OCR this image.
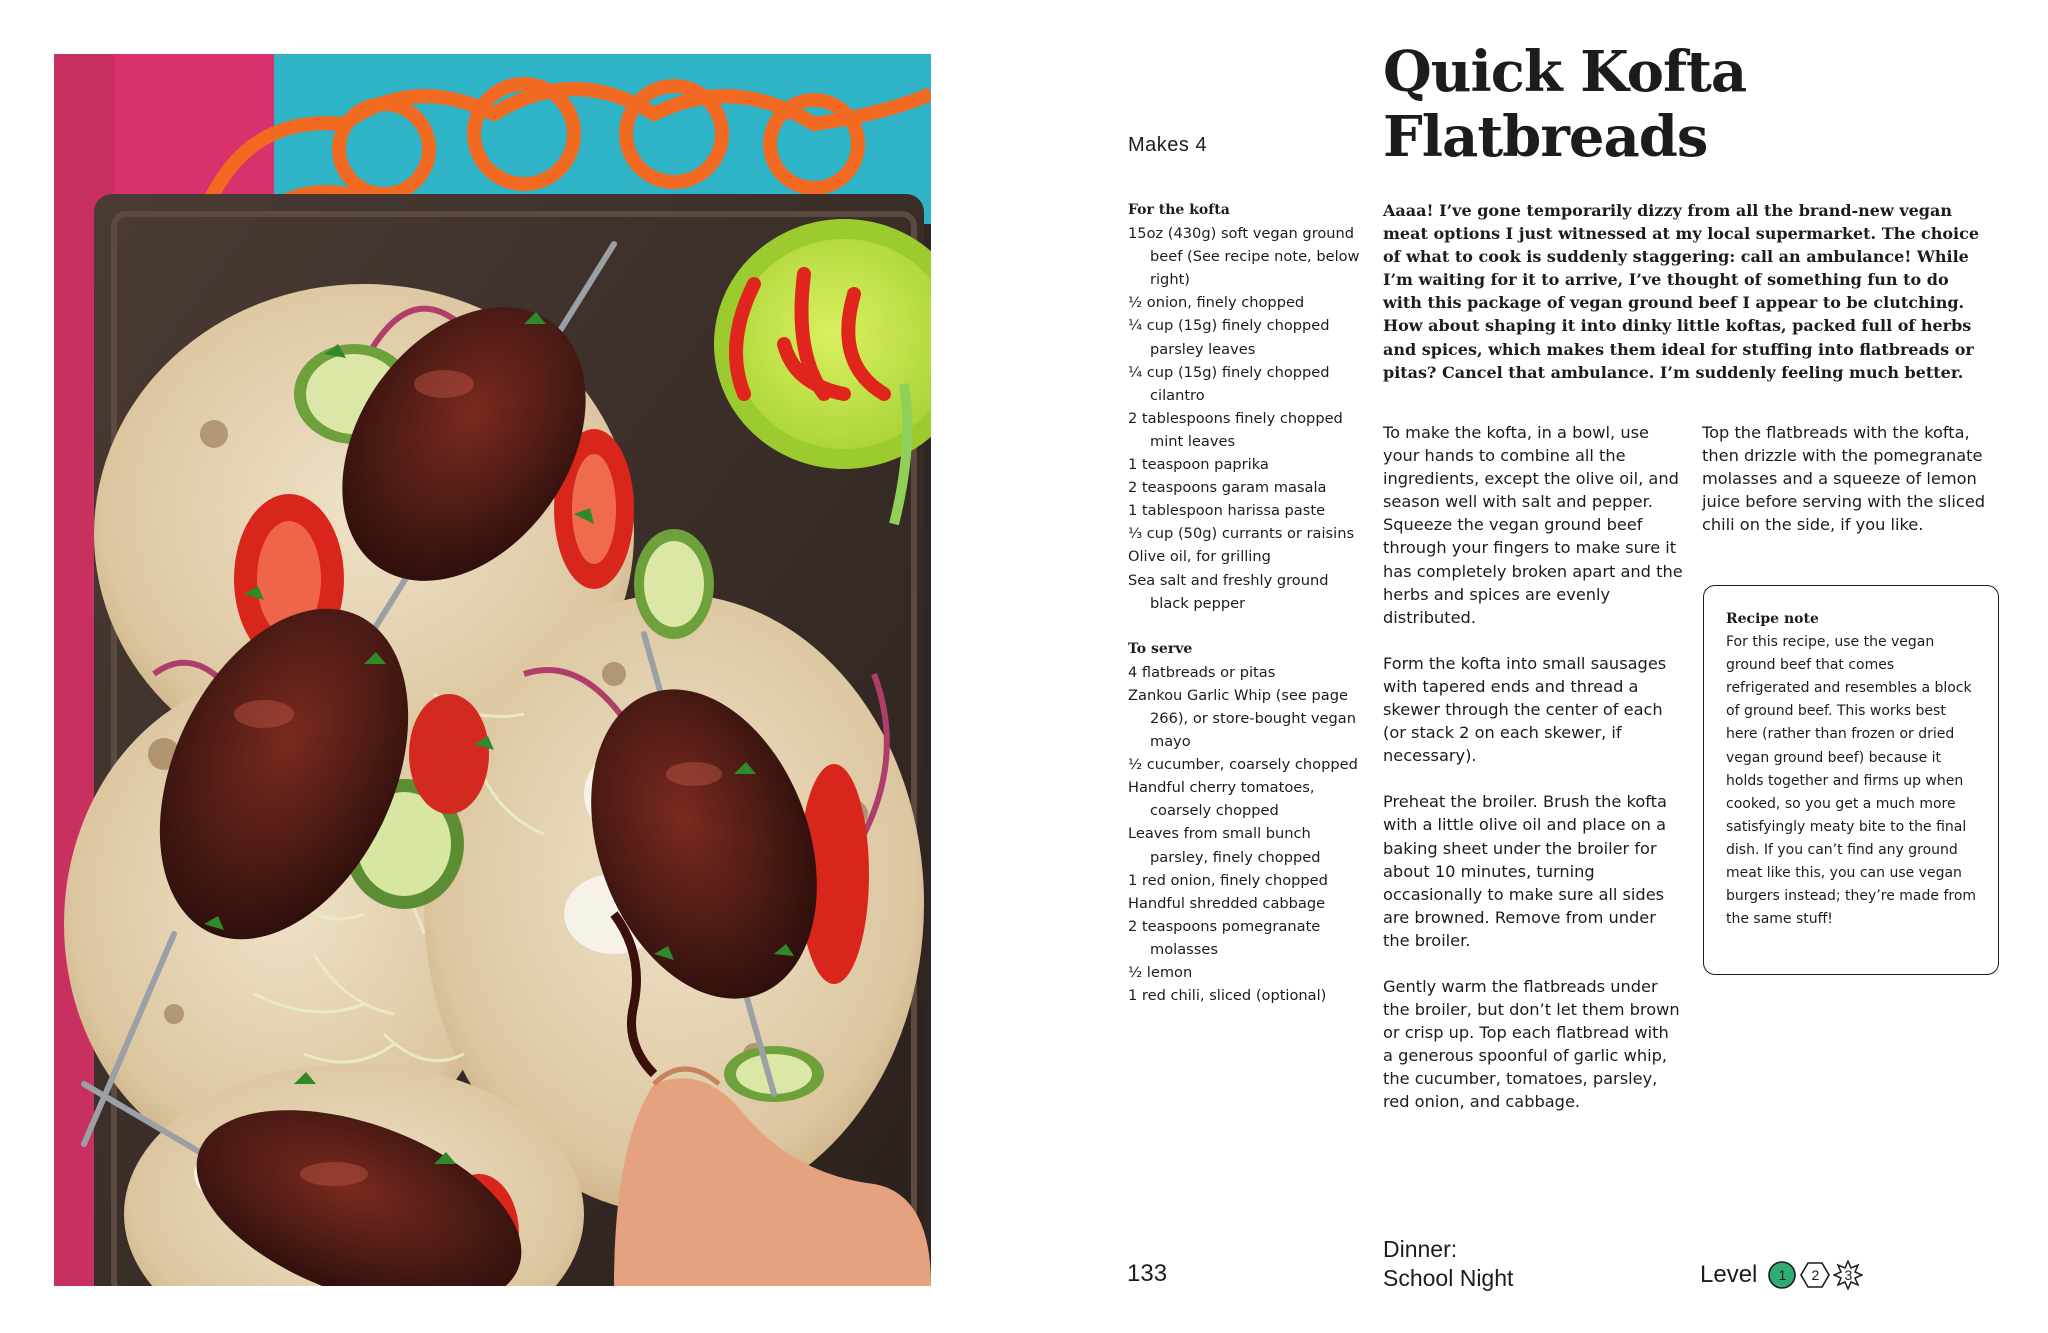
Quick Kofta Flatbreads
Makes 4
For the kofta
15oz (430g) soft vegan ground beef (See recipe note, below right)
½ onion, finely chopped
¼ cup (15g) finely chopped parsley leaves
¼ cup (15g) finely chopped cilantro
2 tablespoons finely chopped mint leaves
1 teaspoon paprika
2 teaspoons garam masala
1 tablespoon harissa paste
⅓ cup (50g) currants or raisins
Olive oil, for grilling
Sea salt and freshly ground black pepper
To serve
4 flatbreads or pitas
Zankou Garlic Whip (see page 266), or store-bought vegan mayo
½ cucumber, coarsely chopped
Handful cherry tomatoes, coarsely chopped
Leaves from small bunch parsley, finely chopped
1 red onion, finely chopped
Handful shredded cabbage
2 teaspoons pomegranate molasses
½ lemon
1 red chili, sliced (optional)

Aaaa! I’ve gone temporarily dizzy from all the brand-new vegan meat options I just witnessed at my local supermarket. The choice of what to cook is suddenly staggering: call an ambulance! While I’m waiting for it to arrive, I’ve thought of something fun to do with this package of vegan ground beef I appear to be clutching. How about shaping it into dinky little koftas, packed full of herbs and spices, which makes them ideal for stuffing into flatbreads or pitas? Cancel that ambulance. I’m suddenly feeling much better.

To make the kofta, in a bowl, use your hands to combine all the ingredients, except the olive oil, and season well with salt and pepper. Squeeze the vegan ground beef through your fingers to make sure it has completely broken apart and the herbs and spices are evenly distributed.

Form the kofta into small sausages with tapered ends and thread a skewer through the center of each (or stack 2 on each skewer, if necessary).

Preheat the broiler. Brush the kofta with a little olive oil and place on a baking sheet under the broiler for about 10 minutes, turning occasionally to make sure all sides are browned. Remove from under the broiler.

Gently warm the flatbreads under the broiler, but don’t let them brown or crisp up. Top each flatbread with a generous spoonful of garlic whip, the cucumber, tomatoes, parsley, red onion, and cabbage.

Top the flatbreads with the kofta, then drizzle with the pomegranate molasses and a squeeze of lemon juice before serving with the sliced chili on the side, if you like.

Recipe note
For this recipe, use the vegan ground beef that comes refrigerated and resembles a block of ground beef. This works best here (rather than frozen or dried vegan ground beef) because it holds together and firms up when cooked, so you get a much more satisfyingly meaty bite to the final dish. If you can’t find any ground meat like this, you can use vegan burgers instead; they’re made from the same stuff!
133
Dinner:
School Night	Level	1	2	3
